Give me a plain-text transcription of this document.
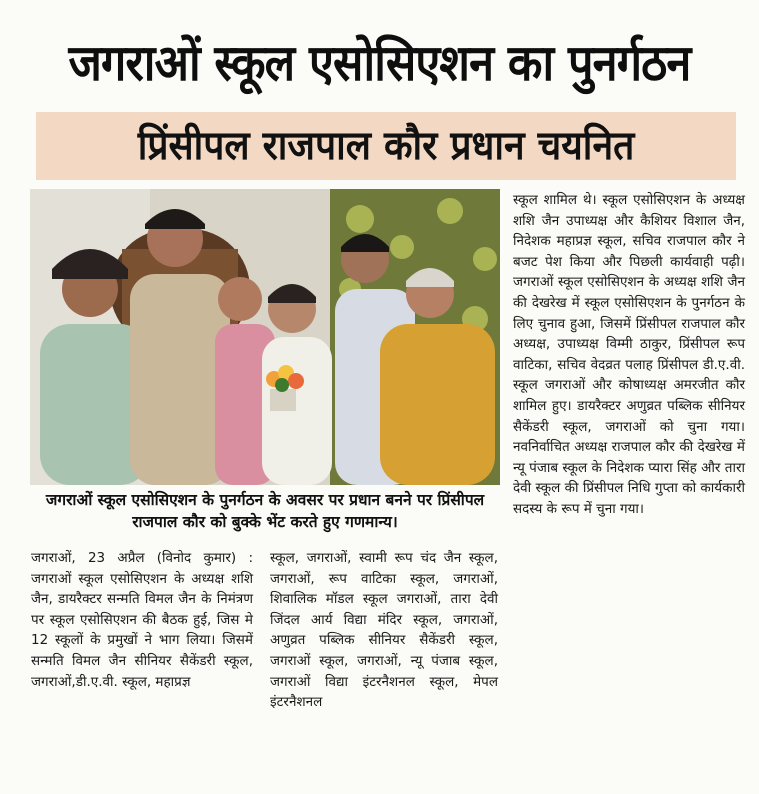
जगराओं स्कूल एसोसिएशन का पुनर्गठन
प्रिंसीपल राजपाल कौर प्रधान चयनित
जगराओं स्कूल एसोसिएशन के पुनर्गठन के अवसर पर प्रधान बनने पर प्रिंसीपल राजपाल कौर को बुक्के भेंट करते हुए गणमान्य।

जगराओं, 23 अप्रैल (विनोद कुमार) : जगराओं स्कूल एसोसिएशन के अध्यक्ष शशि जैन, डायरैक्टर सन्मति विमल जैन के निमंत्रण पर स्कूल एसोसिएशन की बैठक हुई, जिस मे 12 स्कूलों के प्रमुखों ने भाग लिया। जिसमें सन्मति विमल जैन सीनियर सैकेंडरी स्कूल, जगराओं,डी.ए.वी. स्कूल, महाप्रज्ञ

स्कूल, जगराओं, स्वामी रूप चंद जैन स्कूल, जगराओं, रूप वाटिका स्कूल, जगराओं, शिवालिक मॉडल स्कूल जगराओं, तारा देवी जिंदल आर्य विद्या मंदिर स्कूल, जगराओं, अणुव्रत पब्लिक सीनियर सैकेंडरी स्कूल, जगराओं स्कूल, जगराओं, न्यू पंजाब स्कूल, जगराओं विद्या इंटरनैशनल स्कूल, मेपल इंटरनैशनल

स्कूल शामिल थे। स्कूल एसोसिएशन के अध्यक्ष शशि जैन उपाध्यक्ष और कैशियर विशाल जैन, निदेशक महाप्रज्ञ स्कूल, सचिव राजपाल कौर ने बजट पेश किया और पिछली कार्यवाही पढ़ी। जगराओं स्कूल एसोसिएशन के अध्यक्ष शशि जैन की देखरेख में स्कूल एसोसिएशन के पुनर्गठन के लिए चुनाव हुआ, जिसमें प्रिंसीपल राजपाल कौर अध्यक्ष, उपाध्यक्ष विम्मी ठाकुर, प्रिंसीपल रूप वाटिका, सचिव वेदव्रत पलाह प्रिंसीपल डी.ए.वी. स्कूल जगराओं और कोषाध्यक्ष अमरजीत कौर शामिल हुए। डायरैक्टर अणुव्रत पब्लिक सीनियर सैकेंडरी स्कूल, जगराओं को चुना गया। नवनिर्वाचित अध्यक्ष राजपाल कौर की देखरेख में न्यू पंजाब स्कूल के निदेशक प्यारा सिंह और तारा देवी स्कूल की प्रिंसीपल निधि गुप्ता को कार्यकारी सदस्य के रूप में चुना गया।
